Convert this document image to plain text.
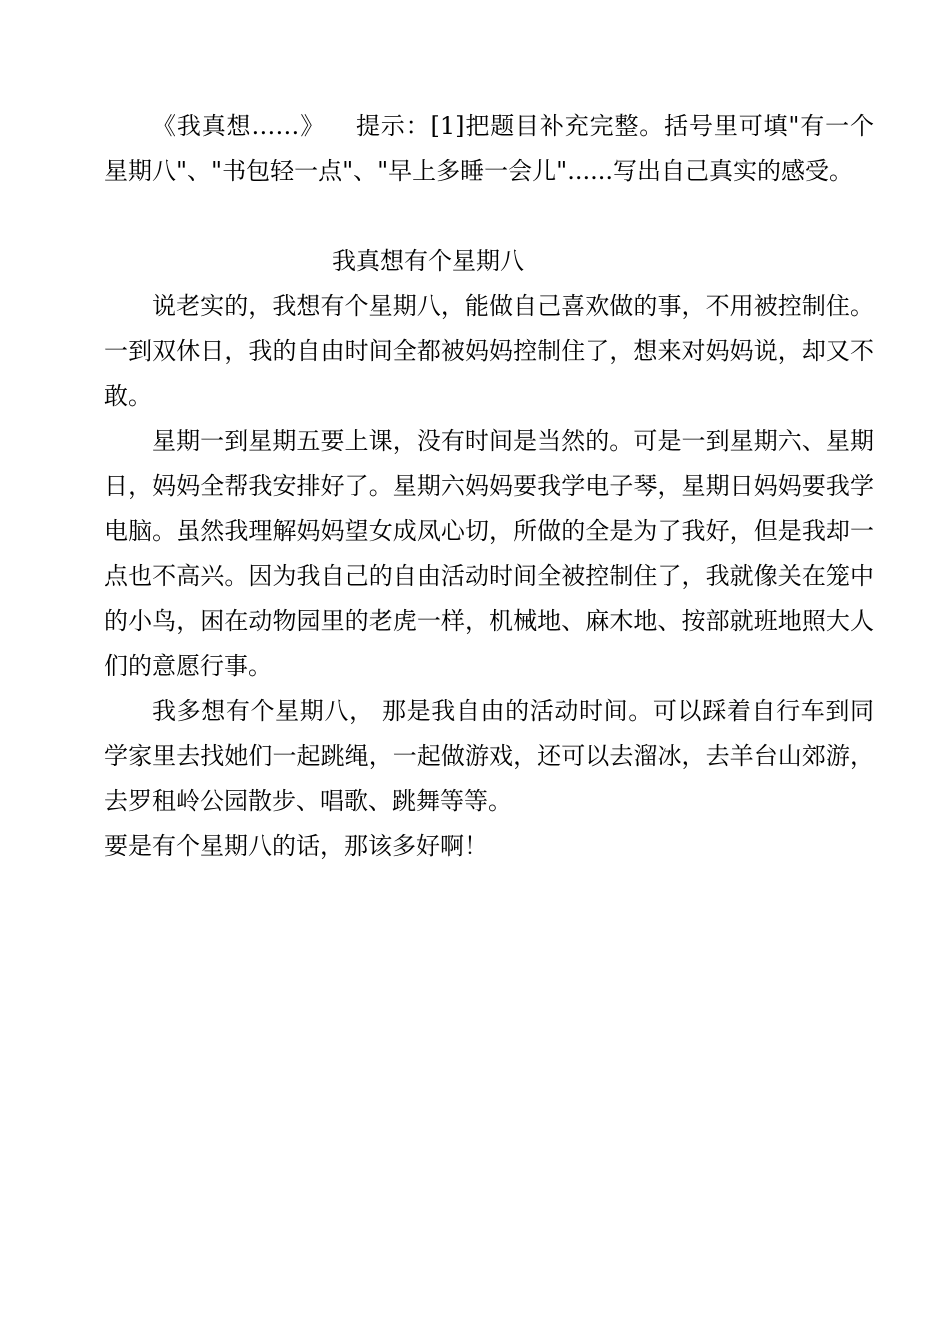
《我真想……》 提示：[1]把题目补充完整。括号里可填"有一个星期八"、"书包轻一点"、"早上多睡一会儿"......写出自己真实的感受。

我真想有个星期八

说老实的，我想有个星期八，能做自己喜欢做的事，不用被控制住。一到双休日，我的自由时间全都被妈妈控制住了，想来对妈妈说，却又不敢。

星期一到星期五要上课，没有时间是当然的。可是一到星期六、星期日，妈妈全帮我安排好了。星期六妈妈要我学电子琴，星期日妈妈要我学电脑。虽然我理解妈妈望女成凤心切，所做的全是为了我好，但是我却一点也不高兴。因为我自己的自由活动时间全被控制住了，我就像关在笼中的小鸟，困在动物园里的老虎一样，机械地、麻木地、按部就班地照大人们的意愿行事。

我多想有个星期八， 那是我自由的活动时间。可以踩着自行车到同学家里去找她们一起跳绳，一起做游戏，还可以去溜冰，去羊台山郊游，去罗租岭公园散步、唱歌、跳舞等等。

要是有个星期八的话，那该多好啊！
